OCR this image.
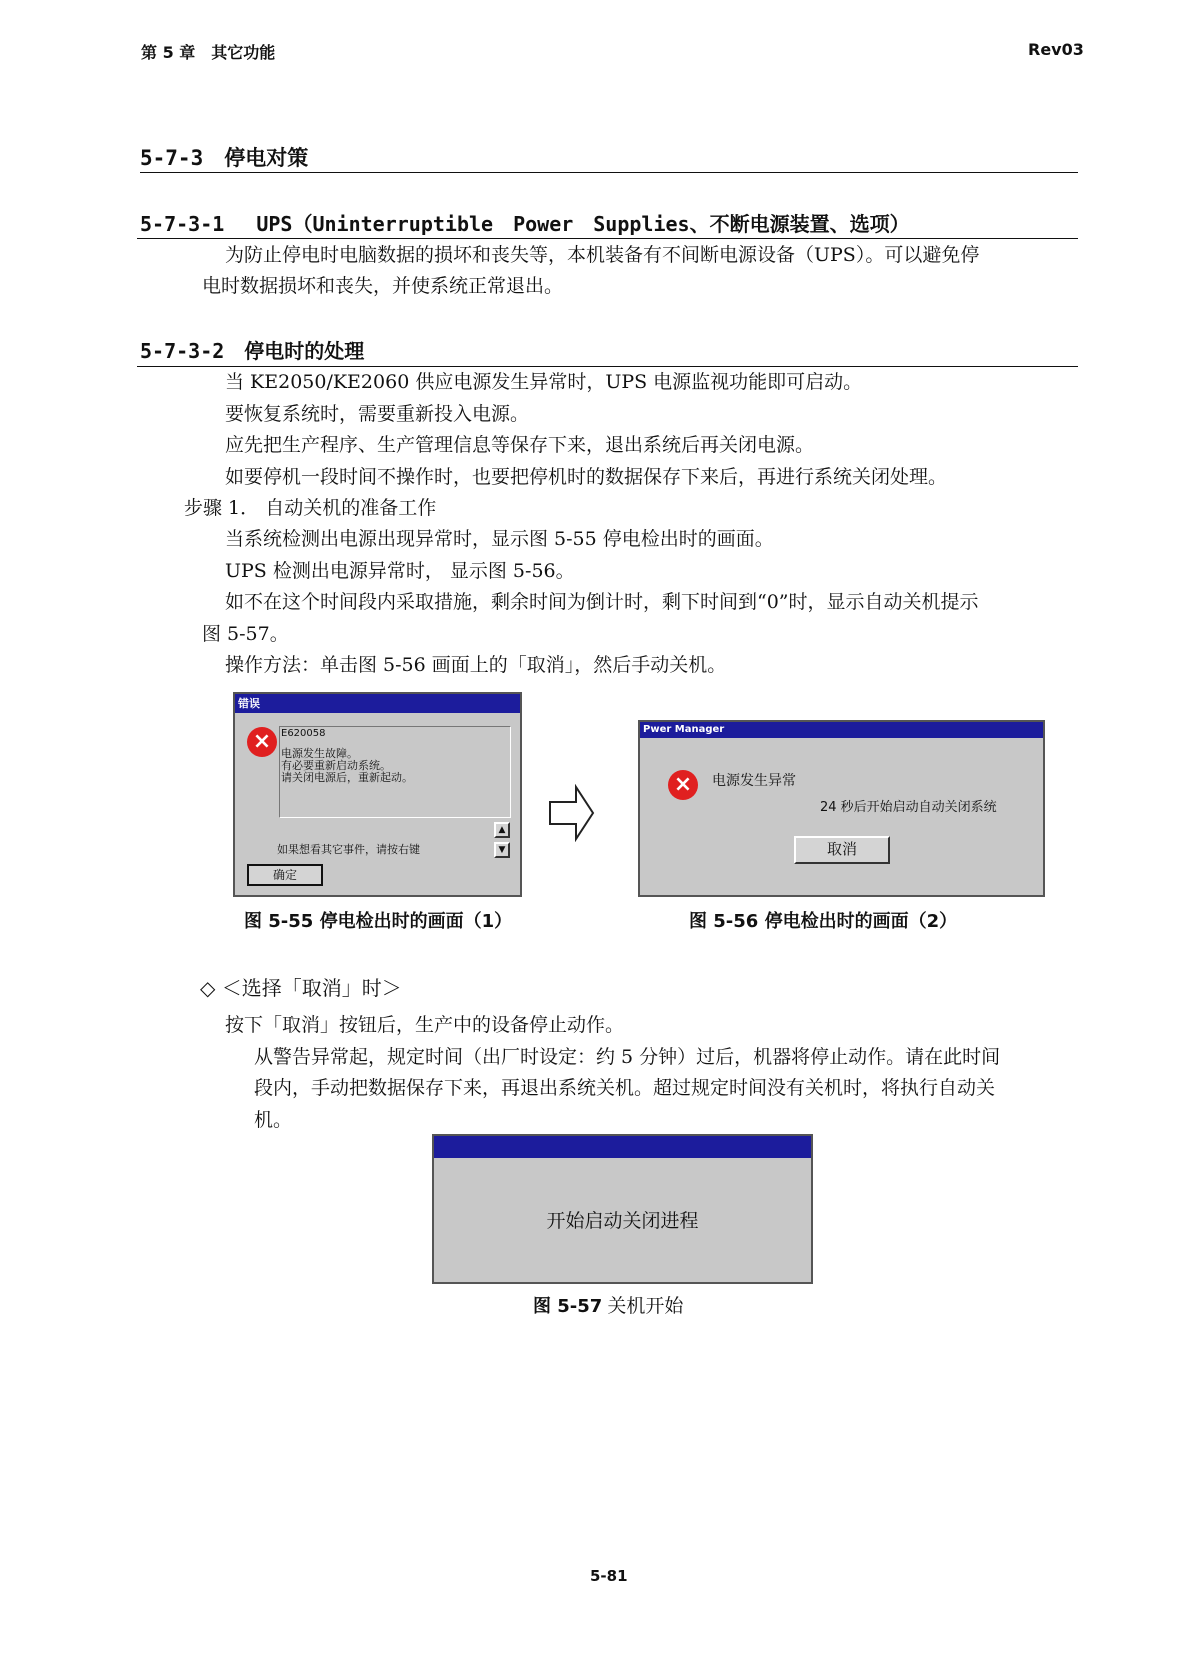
第 5 章　其它功能	Rev03
5-7-3　停电对策
5-7-3-1　 UPS（Uninterruptible　Power　Supplies、不断电源装置、选项）
为防止停电时电脑数据的损坏和丧失等，本机装备有不间断电源设备（UPS）。可以避免停
电时数据损坏和丧失，并使系统正常退出。
5-7-3-2　停电时的处理
当 KE2050/KE2060 供应电源发生异常时，UPS 电源监视功能即可启动。
要恢复系统时，需要重新投入电源。
应先把生产程序、生产管理信息等保存下来，退出系统后再关闭电源。
如要停机一段时间不操作时，也要把停机时的数据保存下来后，再进行系统关闭处理。
步骤 1． 自动关机的准备工作
当系统检测出电源出现异常时，显示图 5-55 停电检出时的画面。
UPS 检测出电源异常时， 显示图 5-56。
如不在这个时间段内采取措施，剩余时间为倒计时，剩下时间到“0”时，显示自动关机提示
图 5-57。
操作方法：单击图 5-56 画面上的「取消」，然后手动关机。
错误
× E620058
电源发生故障。
有必要重新启动系统。
请关闭电源后，重新起动。
▲
▼
如果想看其它事件，请按右键
确定
图 5-55 停电检出时的画面（1）
Pwer Manager
×	电源发生异常
24 秒后开始启动自动关闭系统
取消
图 5-56 停电检出时的画面（2）
◇ ＜选择「取消」时＞
按下「取消」按钮后，生产中的设备停止动作。
从警告异常起，规定时间（出厂时设定：约 5 分钟）过后，机器将停止动作。请在此时间
段内，手动把数据保存下来，再退出系统关机。超过规定时间没有关机时，将执行自动关
机。
开始启动关闭进程
图 5-57 关机开始
5-81
